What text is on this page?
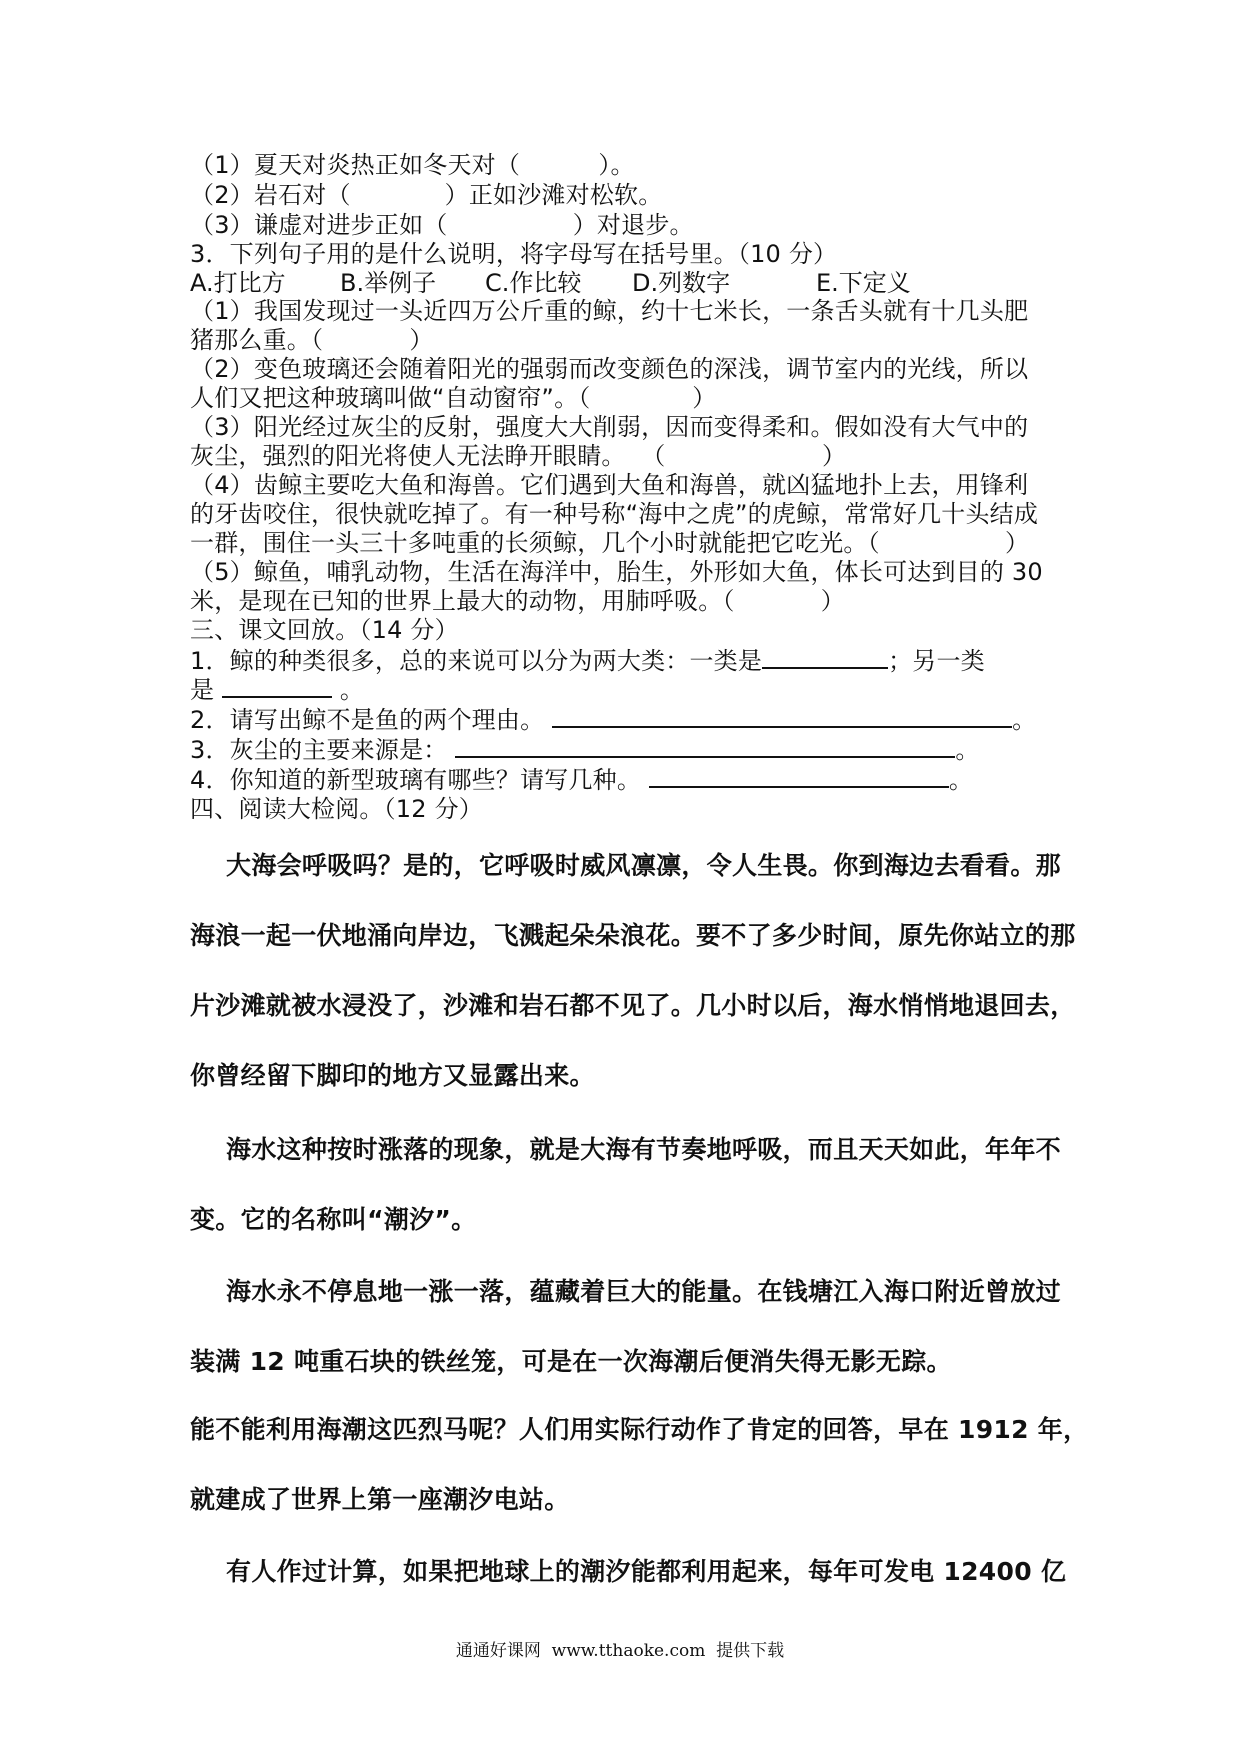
（1）夏天对炎热正如冬天对（          ）。
（2）岩石对（            ）正如沙滩对松软。
（3）谦虚对进步正如（                ）对退步。
3．下列句子用的是什么说明，将字母写在括号里。（10 分）
A.打比方 B.举例子 C.作比较 D.列数字	E.下定义
（1）我国发现过一头近四万公斤重的鲸，约十七米长，一条舌头就有十几头肥
猪那么重。（           ）
（2）变色玻璃还会随着阳光的强弱而改变颜色的深浅，调节室内的光线，所以
人们又把这种玻璃叫做“自动窗帘”。（             ）
（3）阳光经过灰尘的反射，强度大大削弱，因而变得柔和。假如没有大气中的
灰尘，强烈的阳光将使人无法睁开眼睛。  （                    ）
（4）齿鲸主要吃大鱼和海兽。它们遇到大鱼和海兽，就凶猛地扑上去，用锋利
的牙齿咬住，很快就吃掉了。有一种号称“海中之虎”的虎鲸，常常好几十头结成
一群，围住一头三十多吨重的长须鲸，几个小时就能把它吃光。（                ）
（5）鲸鱼，哺乳动物，生活在海洋中，胎生，外形如大鱼，体长可达到目的 30
米，是现在已知的世界上最大的动物，用肺呼吸。（           ）
三、课文回放。（14 分）
1．鲸的种类很多，总的来说可以分为两大类：一类是	；另一类
是	。
2．请写出鲸不是鱼的两个理由。	。
3．灰尘的主要来源是：	。
4．你知道的新型玻璃有哪些？请写几种。	。
四、阅读大检阅。（12 分）
大海会呼吸吗？是的，它呼吸时威风凛凛，令人生畏。你到海边去看看。那
海浪一起一伏地涌向岸边，飞溅起朵朵浪花。要不了多少时间，原先你站立的那
片沙滩就被水浸没了，沙滩和岩石都不见了。几小时以后，海水悄悄地退回去，
你曾经留下脚印的地方又显露出来。
海水这种按时涨落的现象，就是大海有节奏地呼吸，而且天天如此，年年不
变。它的名称叫“潮汐”。
海水永不停息地一涨一落，蕴藏着巨大的能量。在钱塘江入海口附近曾放过
装满 12 吨重石块的铁丝笼，可是在一次海潮后便消失得无影无踪。
能不能利用海潮这匹烈马呢？人们用实际行动作了肯定的回答，早在 1912 年，
就建成了世界上第一座潮汐电站。
有人作过计算，如果把地球上的潮汐能都利用起来，每年可发电 12400 亿
通通好课网  www.tthaoke.com  提供下载
